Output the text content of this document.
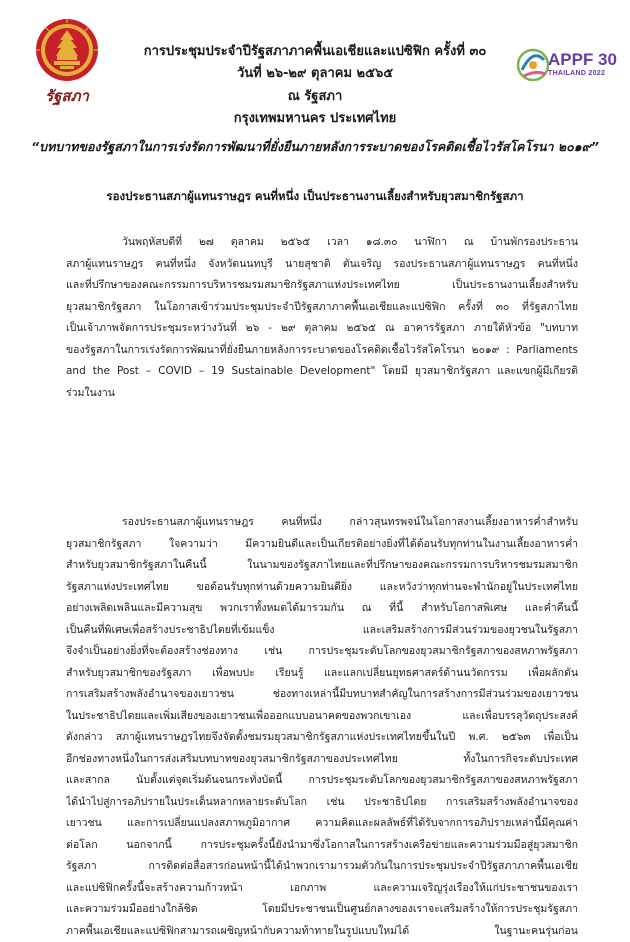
รัฐสภา
APPF 30
THAILAND 2022
การประชุมประจำปีรัฐสภาภาคพื้นเอเชียและแปซิฟิก ครั้งที่ ๓๐
วันที่ ๒๖-๒๙ ตุลาคม ๒๕๖๕
ณ รัฐสภา
กรุงเทพมหานคร ประเทศไทย
“บทบาทของรัฐสภาในการเร่งรัดการพัฒนาที่ยั่งยืนภายหลังการระบาดของโรคติดเชื้อไวรัสโคโรนา ๒๐๑๙”
รองประธานสภาผู้แทนราษฎร คนที่หนึ่ง เป็นประธานงานเลี้ยงสำหรับยุวสมาชิกรัฐสภา
วันพฤหัสบดีที่ ๒๗ ตุลาคม ๒๕๖๕ เวลา ๑๘.๓๐ นาฬิกา ณ บ้านพักรองประธาน
สภาผู้แทนราษฎร คนที่หนึ่ง จังหวัดนนทบุรี นายสุชาติ ตันเจริญ รองประธานสภาผู้แทนราษฎร คนที่หนึ่ง
และที่ปรึกษาของคณะกรรมการบริหารชมรมสมาชิกรัฐสภาแห่งประเทศไทย เป็นประธานงานเลี้ยงสำหรับ
ยุวสมาชิกรัฐสภา ในโอกาสเข้าร่วมประชุมประจำปีรัฐสภาภาคพื้นเอเชียและแปซิฟิก ครั้งที่ ๓๐ ที่รัฐสภาไทย
เป็นเจ้าภาพจัดการประชุมระหว่างวันที่ ๒๖ - ๒๙ ตุลาคม ๒๕๖๕ ณ อาคารรัฐสภา ภายใต้หัวข้อ "บทบาท
ของรัฐสภาในการเร่งรัดการพัฒนาที่ยั่งยืนภายหลังการระบาดของโรคติดเชื้อไวรัสโคโรนา ๒๐๑๙ : Parliaments
and the Post – COVID – 19 Sustainable Development" โดยมี ยุวสมาชิกรัฐสภา และแขกผู้มีเกียรติ
ร่วมในงาน
รองประธานสภาผู้แทนราษฎร คนที่หนึ่ง กล่าวสุนทรพจน์ในโอกาสงานเลี้ยงอาหารค่ำสำหรับ
ยุวสมาชิกรัฐสภา ใจความว่า มีความยินดีและเป็นเกียรติอย่างยิ่งที่ได้ต้อนรับทุกท่านในงานเลี้ยงอาหารค่ำ
สำหรับยุวสมาชิกรัฐสภาในคืนนี้ ในนามของรัฐสภาไทยและที่ปรึกษาของคณะกรรมการบริหารชมรมสมาชิก
รัฐสภาแห่งประเทศไทย ขอต้อนรับทุกท่านด้วยความยินดียิ่ง และหวังว่าทุกท่านจะพำนักอยู่ในประเทศไทย
อย่างเพลิดเพลินและมีความสุข พวกเราทั้งหมดได้มารวมกัน ณ ที่นี้ สำหรับโอกาสพิเศษ และค่ำคืนนี้
เป็นคืนที่พิเศษเพื่อสร้างประชาธิปไตยที่เข้มแข็ง และเสริมสร้างการมีส่วนร่วมของยุวชนในรัฐสภา
จึงจำเป็นอย่างยิ่งที่จะต้องสร้างช่องทาง เช่น การประชุมระดับโลกของยุวสมาชิกรัฐสภาของสหภาพรัฐสภา
สำหรับยุวสมาชิกของรัฐสภา เพื่อพบปะ เรียนรู้ และแลกเปลี่ยนยุทธศาสตร์ด้านนวัตกรรม เพื่อผลักดัน
การเสริมสร้างพลังอำนาจของเยาวชน ช่องทางเหล่านี้มีบทบาทสำคัญในการสร้างการมีส่วนร่วมของเยาวชน
ในประชาธิปไตยและเพิ่มเสียงของเยาวชนเพื่อออกแบบอนาคตของพวกเขาเอง และเพื่อบรรลุวัตถุประสงค์
ดังกล่าว สภาผู้แทนราษฎรไทยจึงจัดตั้งชมรมยุวสมาชิกรัฐสภาแห่งประเทศไทยขึ้นในปี พ.ศ. ๒๕๖๓ เพื่อเป็น
อีกช่องทางหนึ่งในการส่งเสริมบทบาทของยุวสมาชิกรัฐสภาของประเทศไทย ทั้งในการกิจระดับประเทศ
และสากล นับตั้งแต่จุดเริ่มต้นจนกระทั่งบัดนี้ การประชุมระดับโลกของยุวสมาชิกรัฐสภาของสหภาพรัฐสภา
ได้นำไปสู่การอภิปรายในประเด็นหลากหลายระดับโลก เช่น ประชาธิปไตย การเสริมสร้างพลังอำนาจของ
เยาวชน และการเปลี่ยนแปลงสภาพภูมิอากาศ ความคิดและผลลัพธ์ที่ได้รับจากการอภิปรายเหล่านี้มีคุณค่า
ต่อโลก นอกจากนี้ การประชุมครั้งนี้ยังนำมาซึ่งโอกาสในการสร้างเครือข่ายและความร่วมมือสู่ยุวสมาชิก
รัฐสภา การติดต่อสื่อสารก่อนหน้านี้ได้นำพวกเรามารวมตัวกันในการประชุมประจำปีรัฐสภาภาคพื้นเอเชีย
และแปซิฟิกครั้งนี้จะสร้างความก้าวหน้า เอกภาพ และความเจริญรุ่งเรืองให้แก่ประชาชนของเรา
และความร่วมมืออย่างใกล้ชิด โดยมีประชาชนเป็นศูนย์กลางของเราจะเสริมสร้างให้การประชุมรัฐสภา
ภาคพื้นเอเชียและแปซิฟิกสามารถเผชิญหน้ากับความท้าทายในรูปแบบใหม่ได้ ในฐานะคนรุ่นก่อน
